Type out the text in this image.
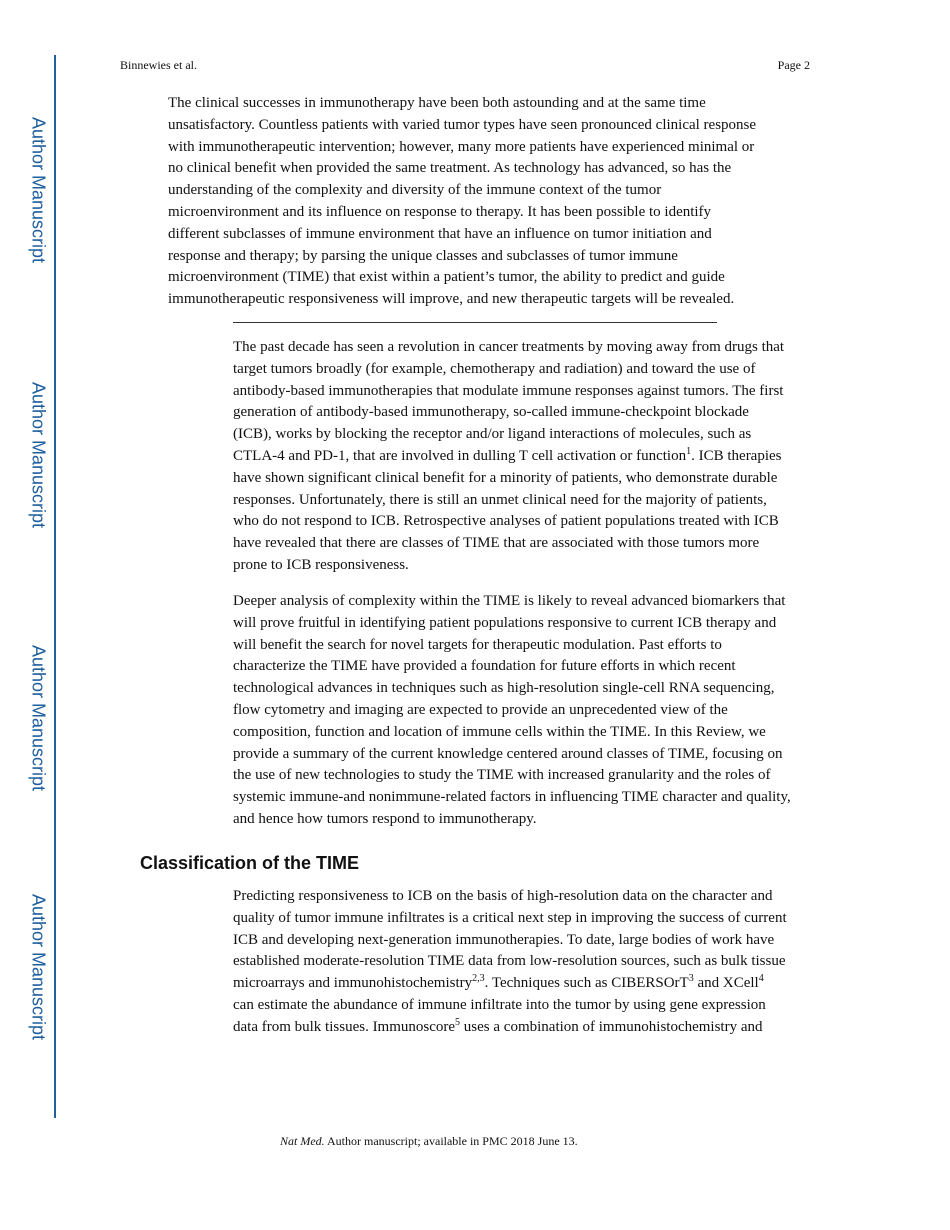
Author Manuscript
Author Manuscript
Author Manuscript
Author Manuscript
Binnewies et al.	Page 2
The clinical successes in immunotherapy have been both astounding and at the same time
unsatisfactory. Countless patients with varied tumor types have seen pronounced clinical response
with immunotherapeutic intervention; however, many more patients have experienced minimal or
no clinical benefit when provided the same treatment. As technology has advanced, so has the
understanding of the complexity and diversity of the immune context of the tumor
microenvironment and its influence on response to therapy. It has been possible to identify
different subclasses of immune environment that have an influence on tumor initiation and
response and therapy; by parsing the unique classes and subclasses of tumor immune
microenvironment (TIME) that exist within a patient’s tumor, the ability to predict and guide
immunotherapeutic responsiveness will improve, and new therapeutic targets will be revealed.
The past decade has seen a revolution in cancer treatments by moving away from drugs that
target tumors broadly (for example, chemotherapy and radiation) and toward the use of
antibody-based immunotherapies that modulate immune responses against tumors. The first
generation of antibody-based immunotherapy, so-called immune-checkpoint blockade
(ICB), works by blocking the receptor and/or ligand interactions of molecules, such as
CTLA-4 and PD-1, that are involved in dulling T cell activation or function$^1$. ICB therapies
have shown significant clinical benefit for a minority of patients, who demonstrate durable
responses. Unfortunately, there is still an unmet clinical need for the majority of patients,
who do not respond to ICB. Retrospective analyses of patient populations treated with ICB
have revealed that there are classes of TIME that are associated with those tumors more
prone to ICB responsiveness.
Deeper analysis of complexity within the TIME is likely to reveal advanced biomarkers that
will prove fruitful in identifying patient populations responsive to current ICB therapy and
will benefit the search for novel targets for therapeutic modulation. Past efforts to
characterize the TIME have provided a foundation for future efforts in which recent
technological advances in techniques such as high-resolution single-cell RNA sequencing,
flow cytometry and imaging are expected to provide an unprecedented view of the
composition, function and location of immune cells within the TIME. In this Review, we
provide a summary of the current knowledge centered around classes of TIME, focusing on
the use of new technologies to study the TIME with increased granularity and the roles of
systemic immune-and nonimmune-related factors in influencing TIME character and quality,
and hence how tumors respond to immunotherapy.
Classification of the TIME
Predicting responsiveness to ICB on the basis of high-resolution data on the character and
quality of tumor immune infiltrates is a critical next step in improving the success of current
ICB and developing next-generation immunotherapies. To date, large bodies of work have
established moderate-resolution TIME data from low-resolution sources, such as bulk tissue
microarrays and immunohistochemistry$^{2,3}$. Techniques such as CIBERSOrT$^3$ and XCell$^4$
can estimate the abundance of immune infiltrate into the tumor by using gene expression
data from bulk tissues. Immunoscore$^5$ uses a combination of immunohistochemistry and
Nat Med. Author manuscript; available in PMC 2018 June 13.
